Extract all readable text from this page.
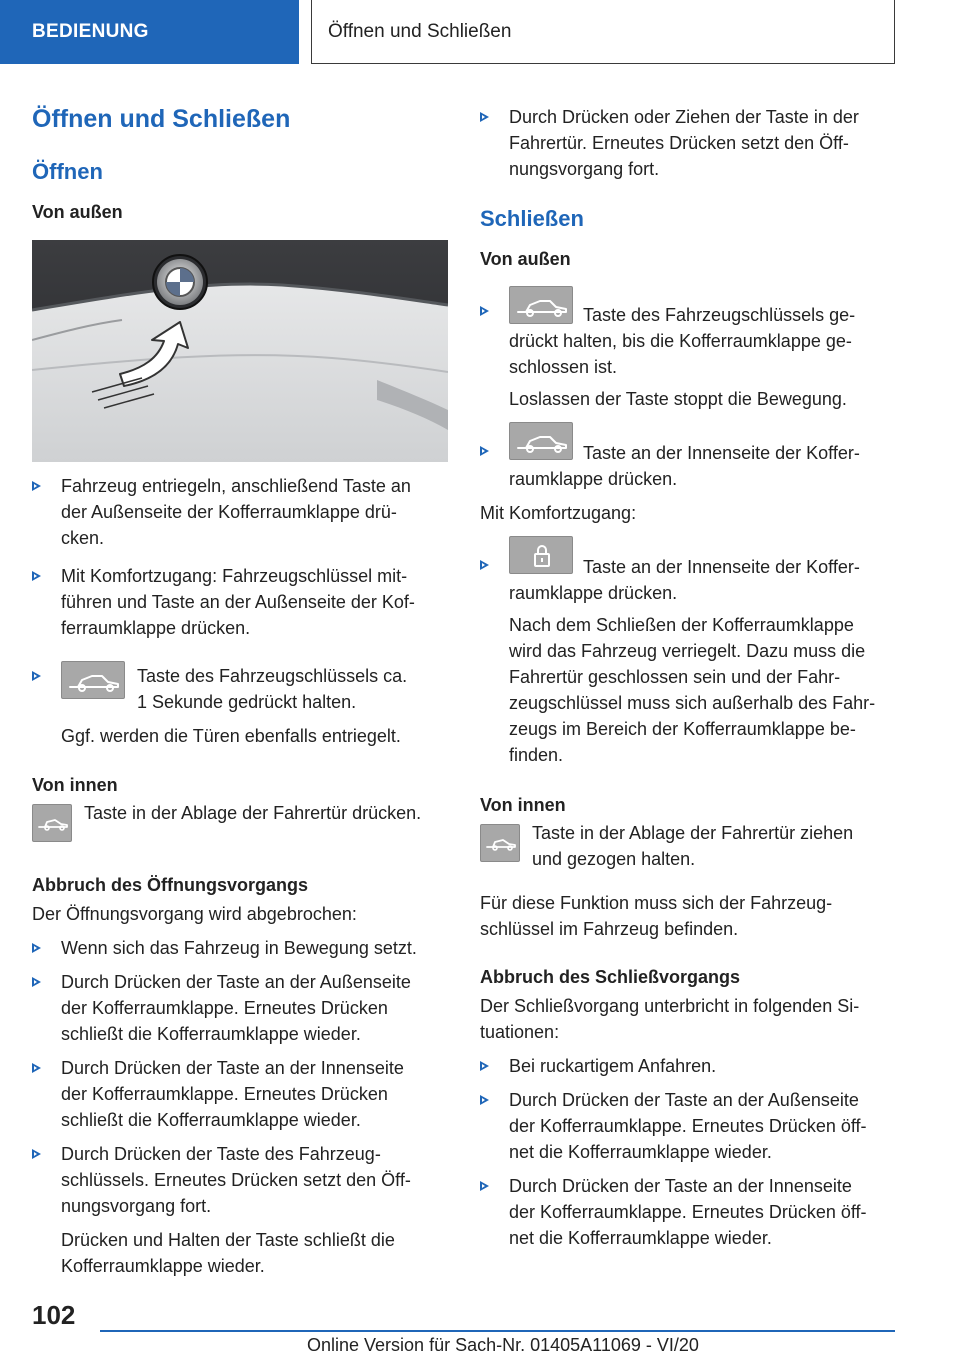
BEDIENUNG	Öffnen und Schließen
Öffnen und Schließen
Öffnen
Von außen

Fahrzeug entriegeln, anschließend Taste an

der Außenseite der Kofferraumklappe drü-

cken.

Mit Komfortzugang: Fahrzeugschlüssel mit-

führen und Taste an der Außenseite der Kof-

ferraumklappe drücken.

Taste des Fahrzeugschlüssels ca.

1 Sekunde gedrückt halten.

Ggf. werden die Türen ebenfalls entriegelt.

Von innen

Taste in der Ablage der Fahrertür drücken.

Abbruch des Öffnungsvorgangs

Der Öffnungsvorgang wird abgebrochen:

Wenn sich das Fahrzeug in Bewegung setzt.

Durch Drücken der Taste an der Außenseite

der Kofferraumklappe. Erneutes Drücken

schließt die Kofferraumklappe wieder.

Durch Drücken der Taste an der Innenseite

der Kofferraumklappe. Erneutes Drücken

schließt die Kofferraumklappe wieder.

Durch Drücken der Taste des Fahrzeug-

schlüssels. Erneutes Drücken setzt den Öff-

nungsvorgang fort.

Drücken und Halten der Taste schließt die

Kofferraumklappe wieder.

Durch Drücken oder Ziehen der Taste in der

Fahrertür. Erneutes Drücken setzt den Öff-

nungsvorgang fort.

Schließen
Von außen

Taste des Fahrzeugschlüssels ge-

drückt halten, bis die Kofferraumklappe ge-

schlossen ist.

Loslassen der Taste stoppt die Bewegung.

Taste an der Innenseite der Koffer-

raumklappe drücken.

Mit Komfortzugang:

Taste an der Innenseite der Koffer-

raumklappe drücken.

Nach dem Schließen der Kofferraumklappe

wird das Fahrzeug verriegelt. Dazu muss die

Fahrertür geschlossen sein und der Fahr-

zeugschlüssel muss sich außerhalb des Fahr-

zeugs im Bereich der Kofferraumklappe be-

finden.

Von innen

Taste in der Ablage der Fahrertür ziehen

und gezogen halten.

Für diese Funktion muss sich der Fahrzeug-

schlüssel im Fahrzeug befinden.

Abbruch des Schließvorgangs

Der Schließvorgang unterbricht in folgenden Si-

tuationen:

Bei ruckartigem Anfahren.

Durch Drücken der Taste an der Außenseite

der Kofferraumklappe. Erneutes Drücken öff-

net die Kofferraumklappe wieder.

Durch Drücken der Taste an der Innenseite

der Kofferraumklappe. Erneutes Drücken öff-

net die Kofferraumklappe wieder.

102
Online Version für Sach-Nr. 01405A11069 - VI/20
